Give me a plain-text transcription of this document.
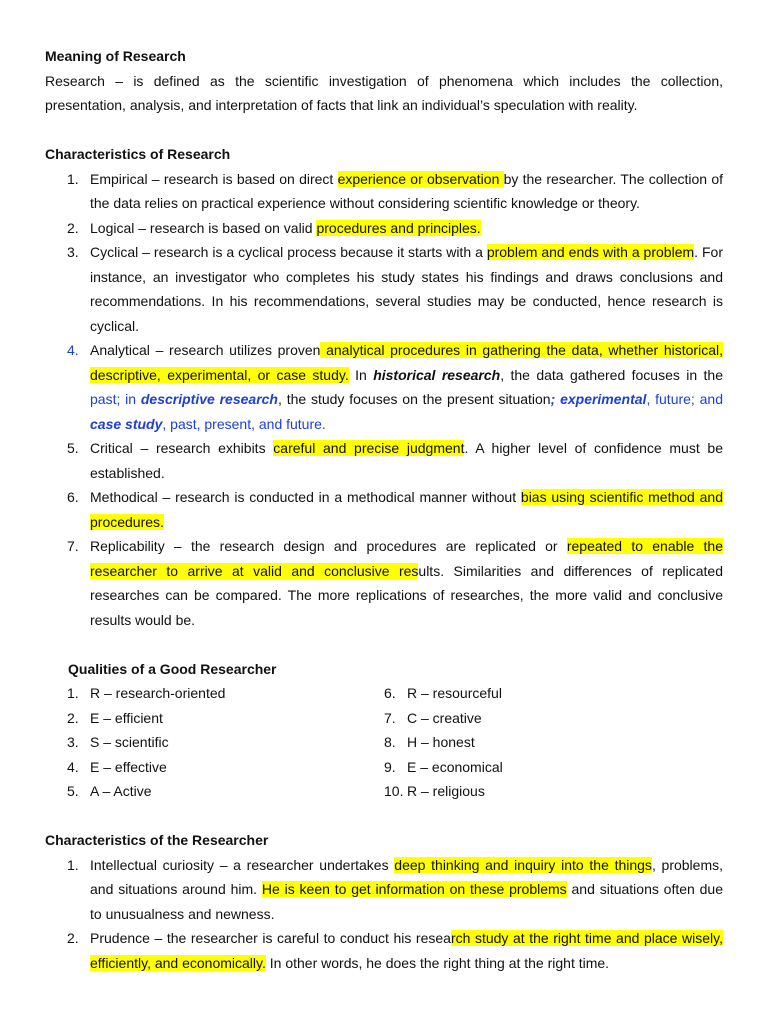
Meaning of Research

Research – is defined as the scientific investigation of phenomena which includes the collection, presentation, analysis, and interpretation of facts that link an individual’s speculation with reality.

Characteristics of Research

1. Empirical – research is based on direct experience or observation by the researcher. The collection of the data relies on practical experience without considering scientific knowledge or theory.
2. Logical – research is based on valid procedures and principles.
3. Cyclical – research is a cyclical process because it starts with a problem and ends with a problem. For instance, an investigator who completes his study states his findings and draws conclusions and recommendations. In his recommendations, several studies may be conducted, hence research is cyclical.
4. Analytical – research utilizes proven analytical procedures in gathering the data, whether historical, descriptive, experimental, or case study. In historical research, the data gathered focuses in the past; in descriptive research, the study focuses on the present situation; experimental, future; and case study, past, present, and future.
5. Critical – research exhibits careful and precise judgment. A higher level of confidence must be established.
6. Methodical – research is conducted in a methodical manner without bias using scientific method and procedures.
7. Replicability – the research design and procedures are replicated or repeated to enable the researcher to arrive at valid and conclusive results. Similarities and differences of replicated researches can be compared. The more replications of researches, the more valid and conclusive results would be.

Qualities of a Good Researcher

1. R – research-oriented
2. E – efficient
3. S – scientific
4. E – effective
5. A – Active
6. R – resourceful
7. C – creative
8. H – honest
9. E – economical
10. R – religious

Characteristics of the Researcher

1. Intellectual curiosity – a researcher undertakes deep thinking and inquiry into the things, problems, and situations around him. He is keen to get information on these problems and situations often due to unusualness and newness.
2. Prudence – the researcher is careful to conduct his research study at the right time and place wisely, efficiently, and economically. In other words, he does the right thing at the right time.
